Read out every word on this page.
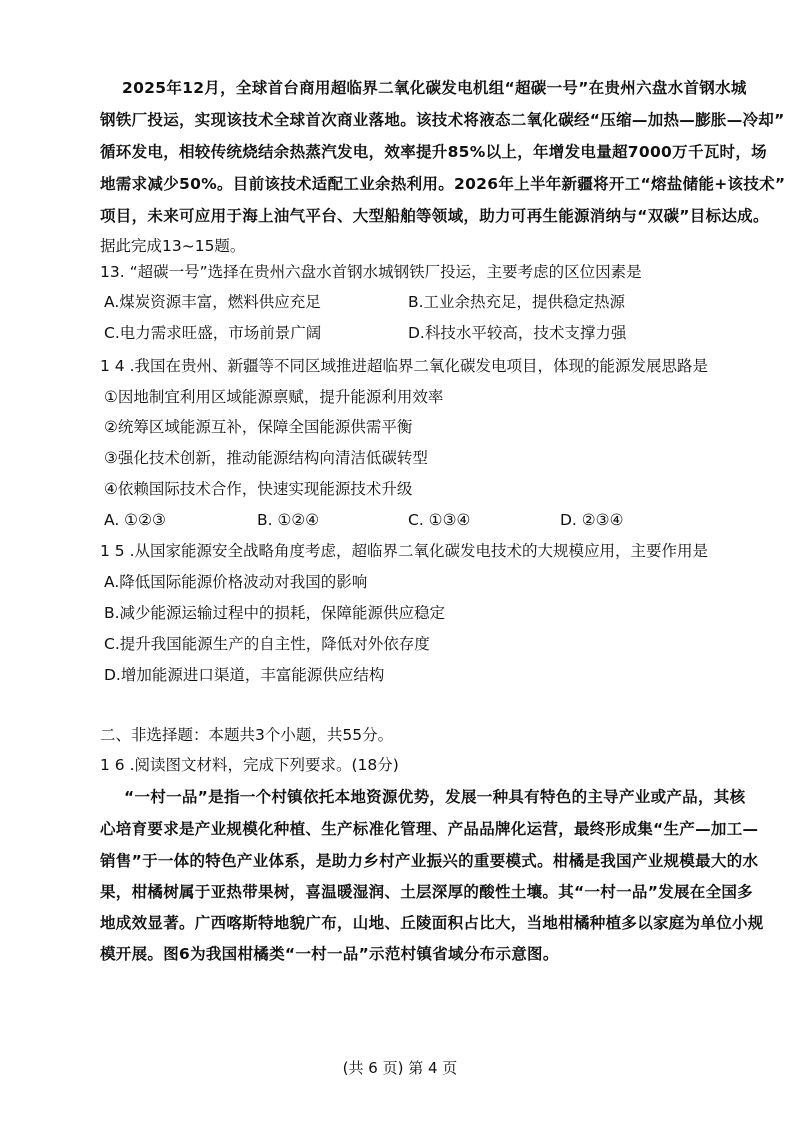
2025年12月，全球首台商用超临界二氧化碳发电机组“超碳一号”在贵州六盘水首钢水城
钢铁厂投运，实现该技术全球首次商业落地。该技术将液态二氧化碳经“压缩—加热—膨胀—冷却”
循环发电，相较传统烧结余热蒸汽发电，效率提升85%以上，年增发电量超7000万千瓦时，场
地需求减少50%。目前该技术适配工业余热利用。2026年上半年新疆将开工“熔盐储能+该技术”
项目，未来可应用于海上油气平台、大型船舶等领域，助力可再生能源消纳与“双碳”目标达成。
据此完成13~15题。
13. “超碳一号”选择在贵州六盘水首钢水城钢铁厂投运，主要考虑的区位因素是
A.煤炭资源丰富，燃料供应充足	B.工业余热充足，提供稳定热源
C.电力需求旺盛，市场前景广阔	D.科技水平较高，技术支撑力强
1 4 .我国在贵州、新疆等不同区域推进超临界二氧化碳发电项目，体现的能源发展思路是
①因地制宜利用区域能源禀赋，提升能源利用效率
②统筹区域能源互补，保障全国能源供需平衡
③强化技术创新，推动能源结构向清洁低碳转型
④依赖国际技术合作，快速实现能源技术升级
A. ①②③	B. ①②④	C. ①③④	D. ②③④
1 5 .从国家能源安全战略角度考虑，超临界二氧化碳发电技术的大规模应用，主要作用是
A.降低国际能源价格波动对我国的影响
B.减少能源运输过程中的损耗，保障能源供应稳定
C.提升我国能源生产的自主性，降低对外依存度
D.增加能源进口渠道，丰富能源供应结构
二、非选择题：本题共3个小题，共55分。
1 6 .阅读图文材料，完成下列要求。(18分)
“一村一品”是指一个村镇依托本地资源优势，发展一种具有特色的主导产业或产品，其核
心培育要求是产业规模化种植、生产标准化管理、产品品牌化运营，最终形成集“生产—加工—
销售”于一体的特色产业体系，是助力乡村产业振兴的重要模式。柑橘是我国产业规模最大的水
果，柑橘树属于亚热带果树，喜温暖湿润、土层深厚的酸性土壤。其“一村一品”发展在全国多
地成效显著。广西喀斯特地貌广布，山地、丘陵面积占比大，当地柑橘种植多以家庭为单位小规
模开展。图6为我国柑橘类“一村一品”示范村镇省域分布示意图。
(共 6 页) 第 4 页
